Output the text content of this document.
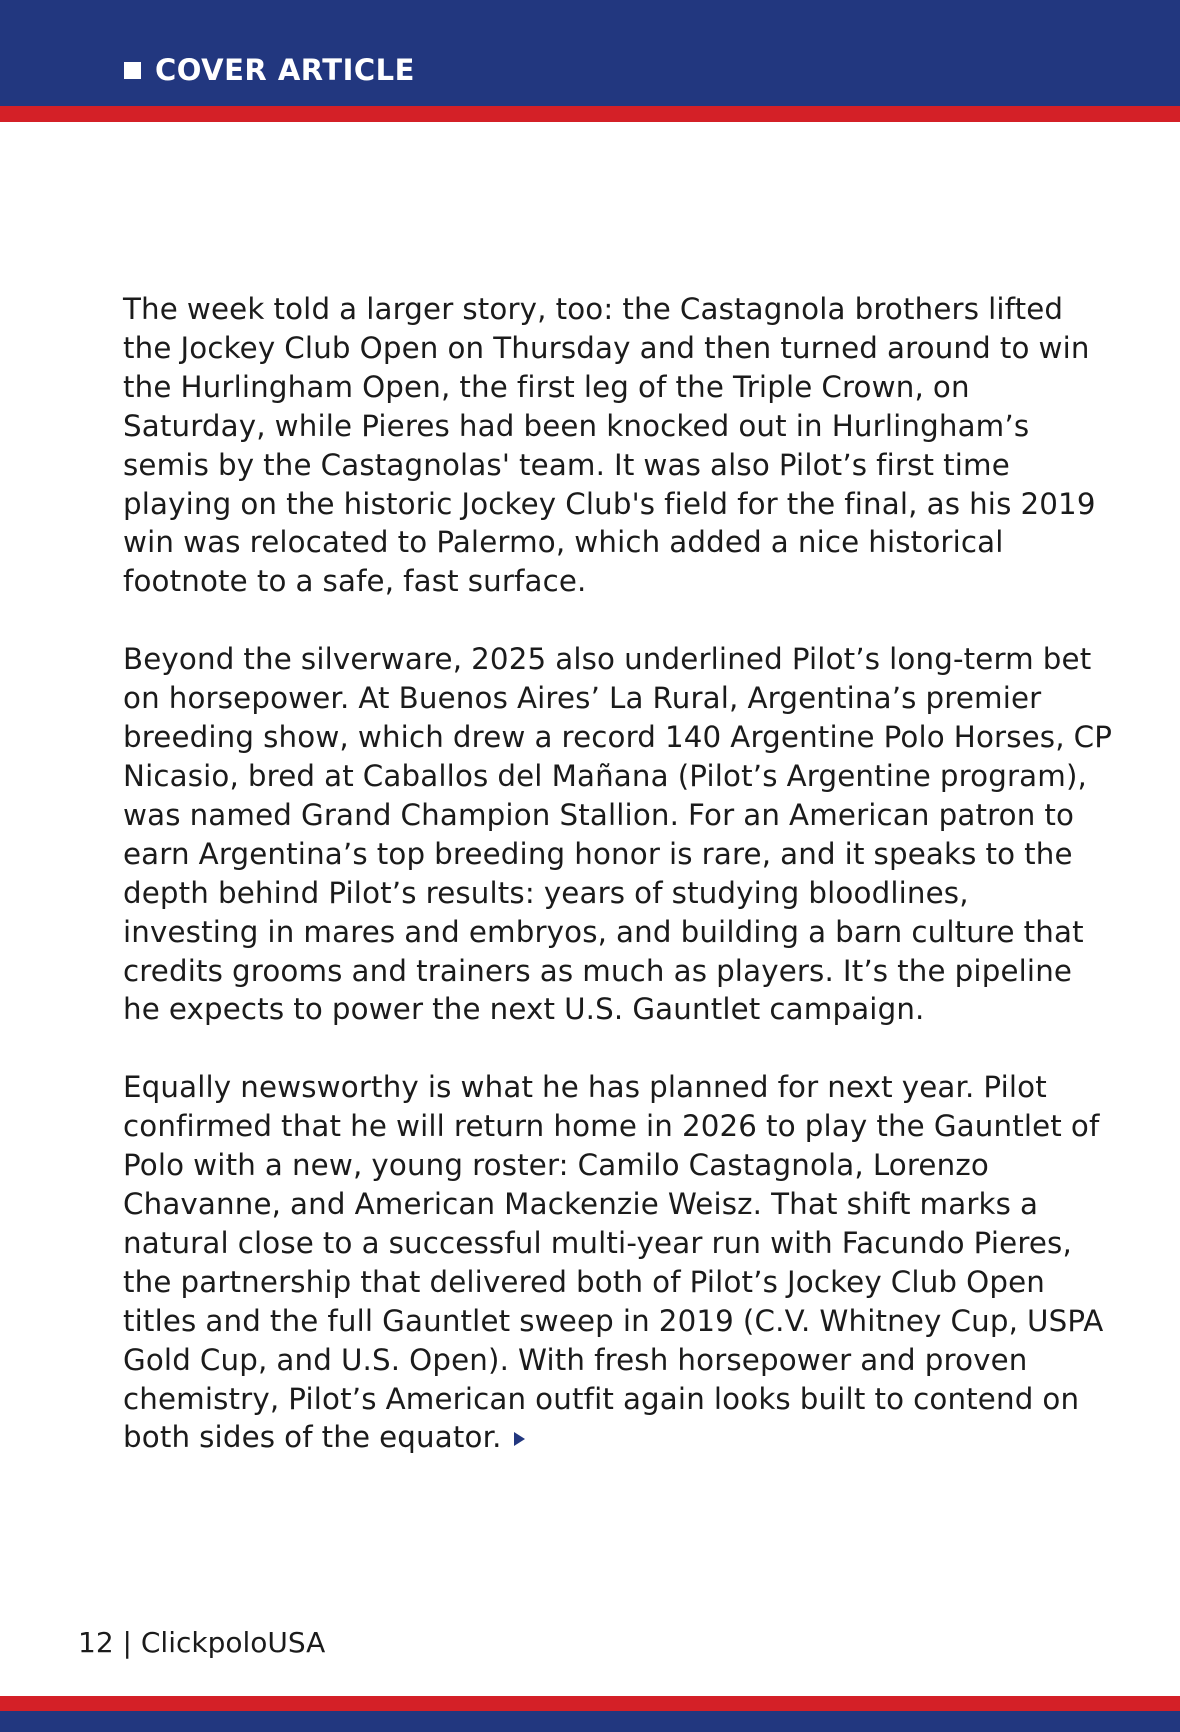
COVER ARTICLE

The week told a larger story, too: the Castagnola brothers lifted the Jockey Club Open on Thursday and then turned around to win the Hurlingham Open, the first leg of the Triple Crown, on Saturday, while Pieres had been knocked out in Hurlingham’s semis by the Castagnolas' team. It was also Pilot’s first time playing on the historic Jockey Club's field for the final, as his 2019 win was relocated to Palermo, which added a nice historical footnote to a safe, fast surface.

Beyond the silverware, 2025 also underlined Pilot’s long-term bet on horsepower. At Buenos Aires’ La Rural, Argentina’s premier breeding show, which drew a record 140 Argentine Polo Horses, CP Nicasio, bred at Caballos del Mañana (Pilot’s Argentine program), was named Grand Champion Stallion. For an American patron to earn Argentina’s top breeding honor is rare, and it speaks to the depth behind Pilot’s results: years of studying bloodlines, investing in mares and embryos, and building a barn culture that credits grooms and trainers as much as players. It’s the pipeline he expects to power the next U.S. Gauntlet campaign.

Equally newsworthy is what he has planned for next year. Pilot confirmed that he will return home in 2026 to play the Gauntlet of Polo with a new, young roster: Camilo Castagnola, Lorenzo Chavanne, and American Mackenzie Weisz. That shift marks a natural close to a successful multi-year run with Facundo Pieres, the partnership that delivered both of Pilot’s Jockey Club Open titles and the full Gauntlet sweep in 2019 (C.V. Whitney Cup, USPA Gold Cup, and U.S. Open). With fresh horsepower and proven chemistry, Pilot’s American outfit again looks built to contend on both sides of the equator.

12 | ClickpoloUSA
